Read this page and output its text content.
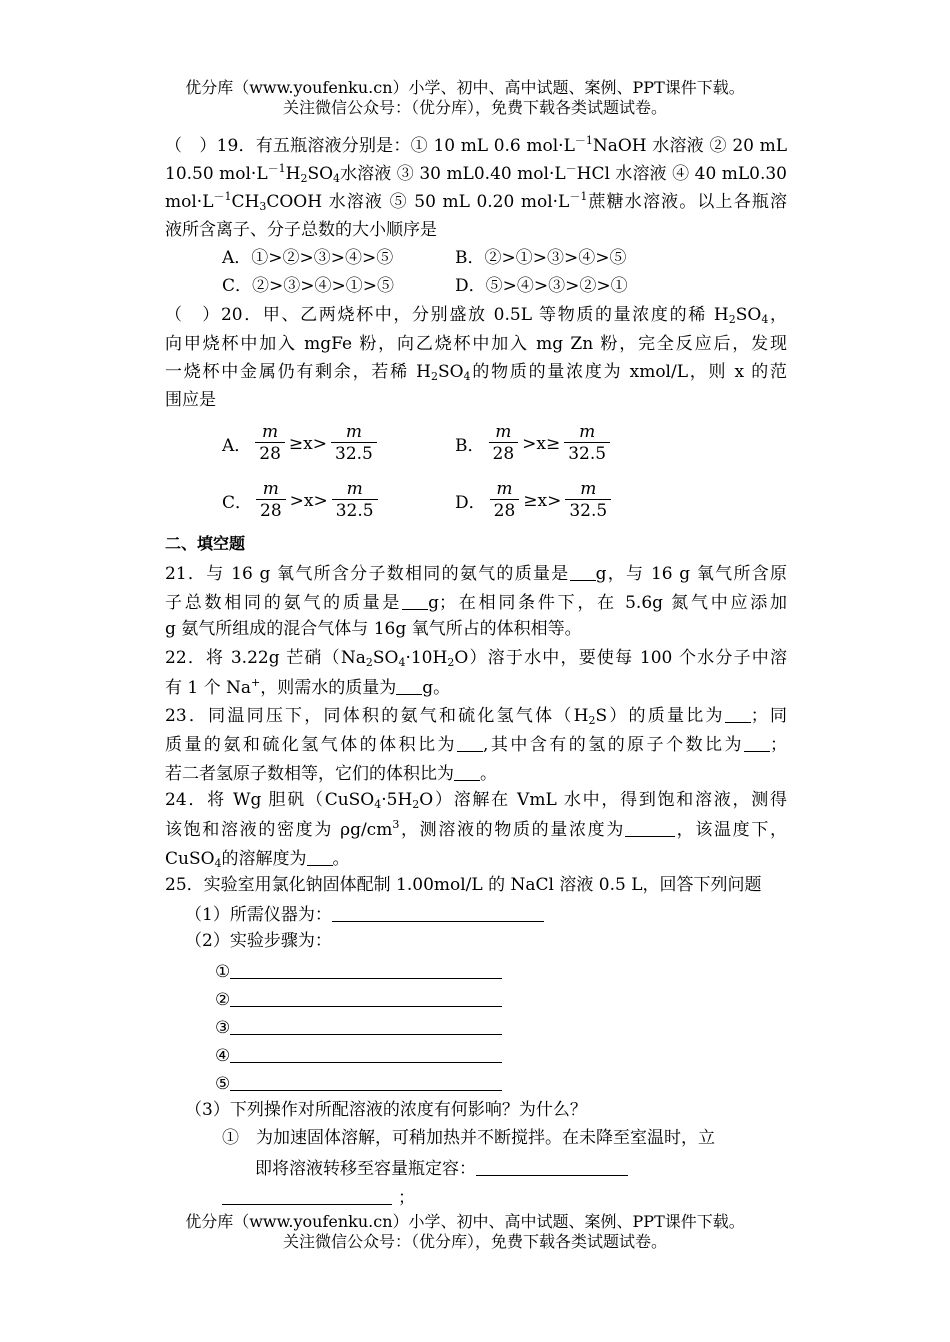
优分库（www.youfenku.cn）小学、初中、高中试题、案例、PPT课件下载。
关注微信公众号：（优分库），免费下载各类试题试卷。
（　）19．有五瓶溶液分别是：① 10 mL 0.6 $mol\cdot L^{-1}NaOH$ 水溶液 ② 20 mL
10.50 $mol\cdot L^{-1}H_2SO_4$水溶液 ③ 30 mL0.40 mol·L－HCl 水溶液 ④ 40 mL0.30
$mol\cdot L^{-1}CH_3COOH$ 水溶液 ⑤ 50 mL 0.20 $mol\cdot L^{-1}$蔗糖水溶液。以上各瓶溶
液所含离子、分子总数的大小顺序是
A．①>②>③>④>⑤	B．②>①>③>④>⑤
C．②>③>④>①>⑤	D．⑤>④>③>②>①
（　）20．甲、乙两烧杯中，分别盛放 0.5L 等物质的量浓度的稀 $H_2SO_4$，
向甲烧杯中加入 mgFe 粉，向乙烧杯中加入 mg Zn 粉，完全反应后，发现
一烧杯中金属仍有剩余，若稀 $H_2SO_4$的物质的量浓度为 xmol/L，则 x 的范
围应是
A． $\frac{m}{28} \ge x> \frac{m}{32.5}$	B． $\frac{m}{28} >x\ge \frac{m}{32.5}$
C． $\frac{m}{28} >x> \frac{m}{32.5}$	D． $\frac{m}{28} \ge x> \frac{m}{32.5}$
二、填空题
21．与 16 g 氧气所含分子数相同的氨气的质量是 g，与 16 g 氧气所含原
子总数相同的氨气的质量是 g；在相同条件下，在 5.6g 氮气中应添加
g 氨气所组成的混合气体与 16g 氧气所占的体积相等。
22．将 3.22g 芒硝$(Na_2SO_4\cdot 10H_2O)$溶于水中，要使每 100 个水分子中溶
有 1 个 Na+，则需水的质量为 g。
23．同温同压下，同体积的氨气和硫化氢气体$(H_2S)$的质量比为 ；同
质量的氨和硫化氢气体的体积比为 ,其中含有的氢的原子个数比为 ；
若二者氢原子数相等，它们的体积比为 。
24．将 Wg 胆矾$(CuSO_4\cdot 5H_2O)$溶解在 VmL 水中，得到饱和溶液，测得
该饱和溶液的密度为 $\rho g/cm^3$，测溶液的物质的量浓度为	，该温度下，
CuSO$_4$的溶解度为 。
25．实验室用氯化钠固体配制 1.00mol/L 的 NaCl 溶液 0.5 L，回答下列问题
（1）所需仪器为：
（2）实验步骤为：
①
②
③
④
⑤
（3）下列操作对所配溶液的浓度有何影响？为什么？
①　为加速固体溶解，可稍加热并不断搅拌。在未降至室温时，立
即将溶液转移至容量瓶定容：
；
优分库（www.youfenku.cn）小学、初中、高中试题、案例、PPT课件下载。
关注微信公众号：（优分库），免费下载各类试题试卷。
